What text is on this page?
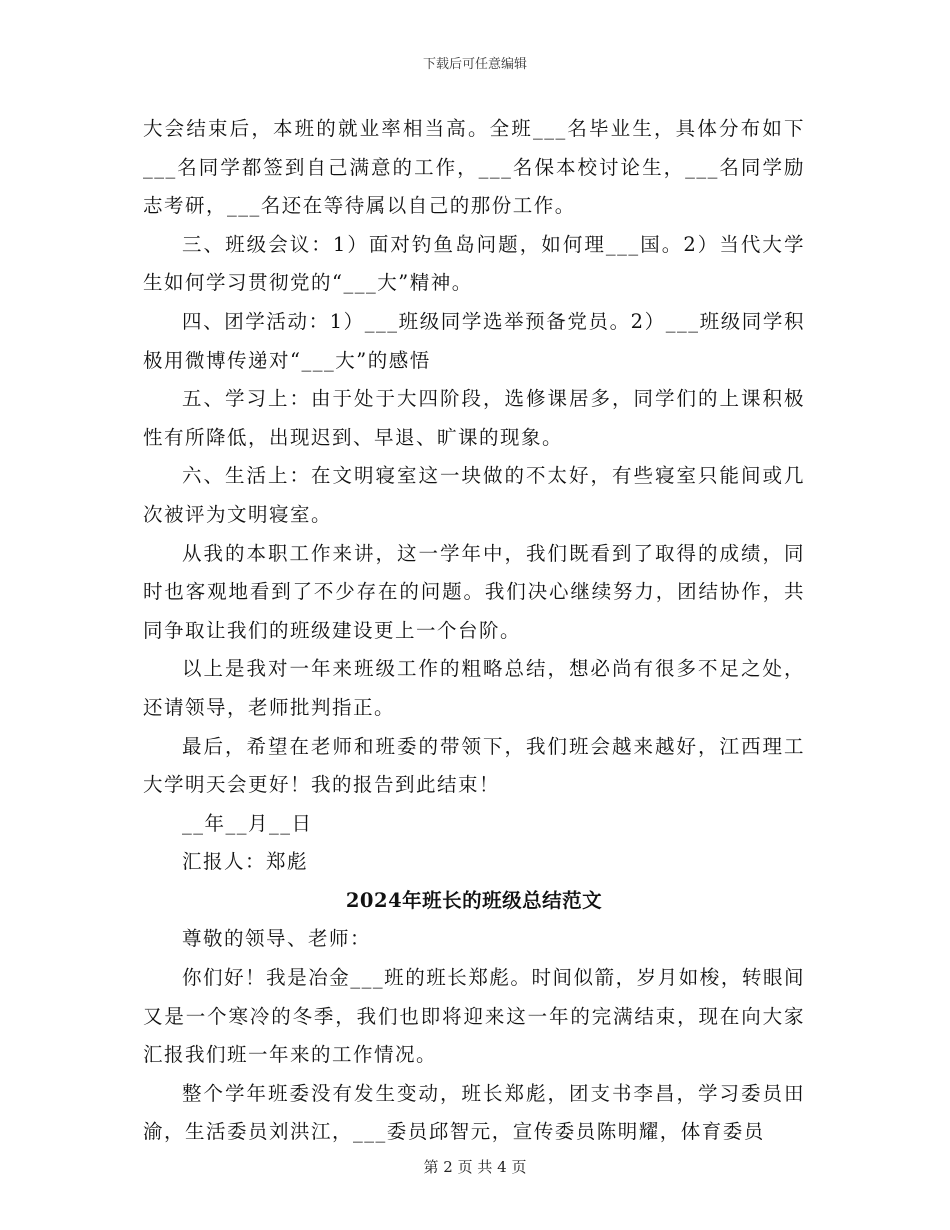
下载后可任意编辑

大会结束后，本班的就业率相当高。全班___名毕业生，具体分布如下___名同学都签到自己满意的工作，___名保本校讨论生，___名同学励志考研，___名还在等待属以自己的那份工作。

三、班级会议：1）面对钓鱼岛问题，如何理___国。2）当代大学生如何学习贯彻党的“___大”精神。

四、团学活动：1）___班级同学选举预备党员。2）___班级同学积极用微博传递对“___大”的感悟

五、学习上：由于处于大四阶段，选修课居多，同学们的上课积极性有所降低，出现迟到、早退、旷课的现象。

六、生活上：在文明寝室这一块做的不太好，有些寝室只能间或几次被评为文明寝室。

从我的本职工作来讲，这一学年中，我们既看到了取得的成绩，同时也客观地看到了不少存在的问题。我们决心继续努力，团结协作，共同争取让我们的班级建设更上一个台阶。

以上是我对一年来班级工作的粗略总结，想必尚有很多不足之处，还请领导，老师批判指正。

最后，希望在老师和班委的带领下，我们班会越来越好，江西理工大学明天会更好！我的报告到此结束！

__年__月__日

汇报人：郑彪

2024年班长的班级总结范文

尊敬的领导、老师：

你们好！我是冶金___班的班长郑彪。时间似箭，岁月如梭，转眼间又是一个寒冷的冬季，我们也即将迎来这一年的完满结束，现在向大家汇报我们班一年来的工作情况。

整个学年班委没有发生变动，班长郑彪，团支书李昌，学习委员田渝，生活委员刘洪江，___委员邱智元，宣传委员陈明耀，体育委员

第 2 页 共 4 页
